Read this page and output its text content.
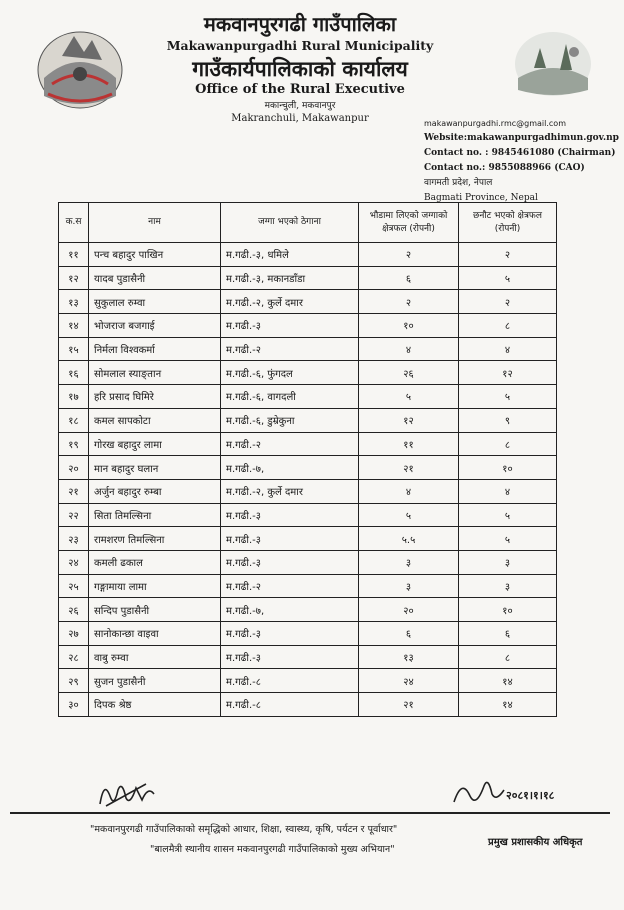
मकवानपुरगढी गाउँपालिका
Makawanpurgadhi Rural Municipality
गाउँकार्यपालिकाको कार्यालय
Office of the Rural Executive
मकान्चुली, मकवानपुर
Makranchuli, Makawanpur	makawanpurgadhi.rmc@gmail.com
Website:makawanpurgadhimun.gov.np
Contact no. : 9845461080 (Chairman)
Contact no.: 9855088966 (CAO)
वागमती प्रदेश, नेपाल
Bagmati Province, Nepal
क.स	नाम	जग्गा भएको ठेगाना	भौडामा लिएको जग्गाको क्षेत्रफल (रोपनी)	छनौट भएको क्षेत्रफल (रोपनी)
११	पन्च बहादुर पाखिन	म.गढी.-३, धमिले	२	२
१२	यादब पुडासैनी	म.गढी.-३, मकानडाँडा	६	५
१३	सुकुलाल रुम्वा	म.गढी.-२, कुर्ले दमार	२	२
१४	भोजराज बजगाई	म.गढी.-३	१०	८
१५	निर्मला विश्वकर्मा	म.गढी.-२	४	४
१६	सोमलाल स्याङ्तान	म.गढी.-६, फुंगदल	२६	१२
१७	हरि प्रसाद घिमिरे	म.गढी.-६, वागदली	५	५
१८	कमल सापकोटा	म.गढी.-६, डुम्रेकुना	१२	९
१९	गोरख बहादुर लामा	म.गढी.-२	११	८
२०	मान बहादुर घलान	म.गढी.-७,	२१	१०
२१	अर्जुन बहादुर रुम्बा	म.गढी.-२, कुर्ले दमार	४	४
२२	सिता तिमल्सिना	म.गढी.-३	५	५
२३	रामशरण तिमल्सिना	म.गढी.-३	५.५	५
२४	कमली ढकाल	म.गढी.-३	३	३
२५	गङ्गामाया लामा	म.गढी.-२	३	३
२६	सन्दिप पुडासैनी	म.गढी.-७,	२०	१०
२७	सानोकान्छा वाइवा	म.गढी.-३	६	६
२८	वाबु रुम्वा	म.गढी.-३	१३	८
२९	सुजन पुडासैनी	म.गढी.-८	२४	१४
३०	दिपक श्रेष्ठ	म.गढी.-८	२१	१४
२०८१।१।१८
"मकवानपुरगढी गाउँपालिकाको समृद्धिको आधार, शिक्षा, स्वास्थ्य, कृषि, पर्यटन र पूर्वाधार"
"बालमैत्री स्थानीय शासन मकवानपुरगढी गाउँपालिकाको मुख्य अभियान"
प्रमुख प्रशासकीय अधिकृत
